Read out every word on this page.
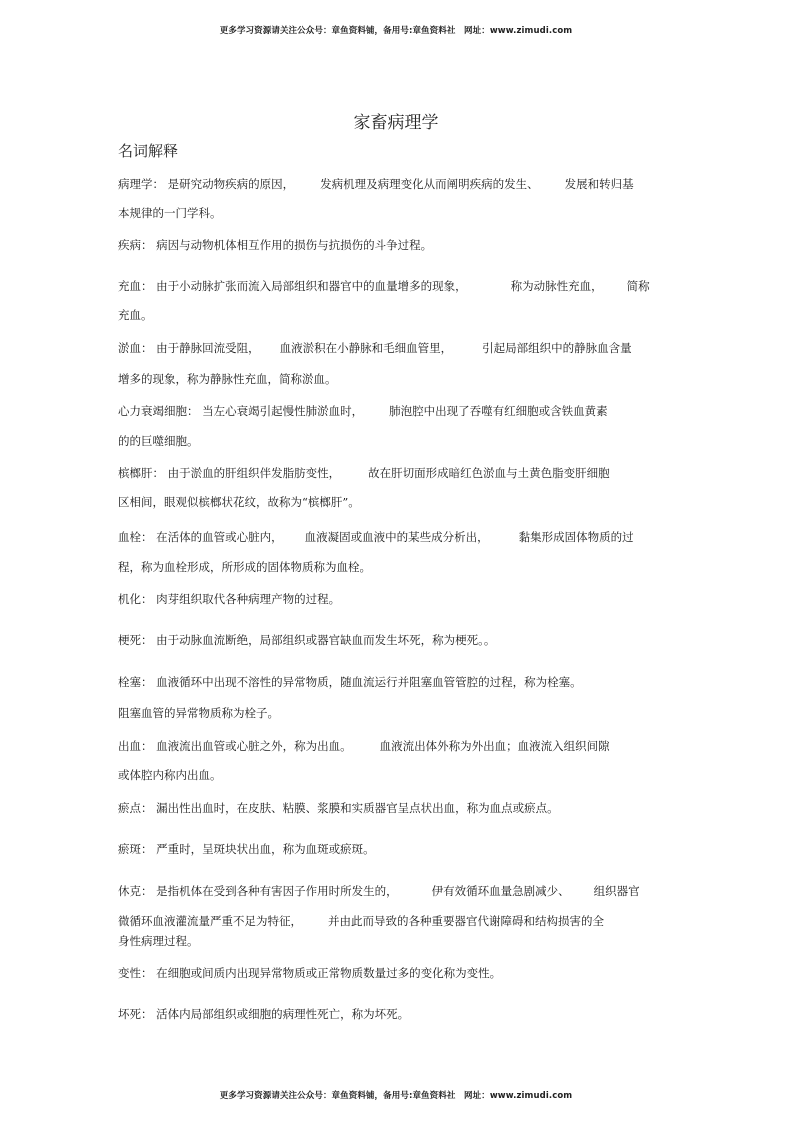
更多学习资源请关注公众号：章鱼资料铺，备用号:章鱼资料社　网址：www.zimudi.com
家畜病理学
名词解释
病理学： 是研究动物疾病的原因， 发病机理及病理变化从而阐明疾病的发生、 发展和转归基
本规律的一门学科。
疾病： 病因与动物机体相互作用的损伤与抗损伤的斗争过程。
充血： 由于小动脉扩张而流入局部组织和器官中的血量增多的现象，	称为动脉性充血， 简称
充血。
淤血： 由于静脉回流受阻， 血液淤积在小静脉和毛细血管里，	引起局部组织中的静脉血含量
增多的现象，称为静脉性充血，简称淤血。
心力衰竭细胞： 当左心衰竭引起慢性肺淤血时， 肺泡腔中出现了吞噬有红细胞或含铁血黄素
的的巨噬细胞。
槟榔肝： 由于淤血的肝组织伴发脂肪变性， 故在肝切面形成暗红色淤血与土黄色脂变肝细胞
区相间，眼观似槟榔状花纹，故称为“槟榔肝”。
血栓： 在活体的血管或心脏内， 血液凝固或血液中的某些成分析出，	黏集形成固体物质的过
程，称为血栓形成，所形成的固体物质称为血栓。
机化： 肉芽组织取代各种病理产物的过程。
梗死： 由于动脉血流断绝，局部组织或器官缺血而发生坏死，称为梗死。。
栓塞： 血液循环中出现不溶性的异常物质，随血流运行并阻塞血管管腔的过程，称为栓塞。
阻塞血管的异常物质称为栓子。
出血： 血液流出血管或心脏之外，称为出血。 血液流出体外称为外出血；血液流入组织间隙
或体腔内称内出血。
瘀点： 漏出性出血时，在皮肤、粘膜、浆膜和实质器官呈点状出血，称为血点或瘀点。
瘀斑： 严重时，呈斑块状出血，称为血斑或瘀斑。
休克： 是指机体在受到各种有害因子作用时所发生的，	伊有效循环血量急剧减少、 组织器官
微循环血液灌流量严重不足为特征， 并由此而导致的各种重要器官代谢障碍和结构损害的全
身性病理过程。
变性： 在细胞或间质内出现异常物质或正常物质数量过多的变化称为变性。
坏死： 活体内局部组织或细胞的病理性死亡，称为坏死。
更多学习资源请关注公众号：章鱼资料铺，备用号:章鱼资料社　网址：www.zimudi.com
